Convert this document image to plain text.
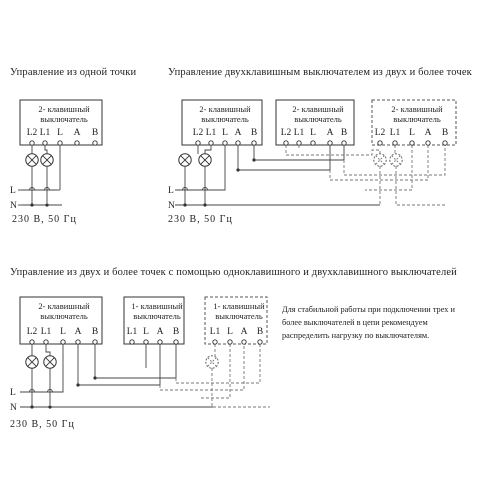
Управление из одной точки	Управление двухклавишным выключателем из двух и более точек
Управление из двух и более точек с помощью одноклавишного и двухклавишного выключателей
Для стабильной работы при подключении трех и
более выключателей в цепи рекомендуем
распределить нагрузку по выключателям.
2- клавишный
выключатель
L2 L1 L A B
L
N
230 В, 50 Гц
2- клавишный
выключатель
L2 L1 L A B
2- клавишный
выключатель
L2 L1 L A B
2- клавишный
выключатель
L2 L1 L A B
L
N
230 В, 50 Гц
2- клавишный
выключатель
L2 L1 L A B
1- клавишный
выключатель
L1 L A B
1- клавишный
выключатель
L1 L A B
L
N
230 В, 50 Гц
